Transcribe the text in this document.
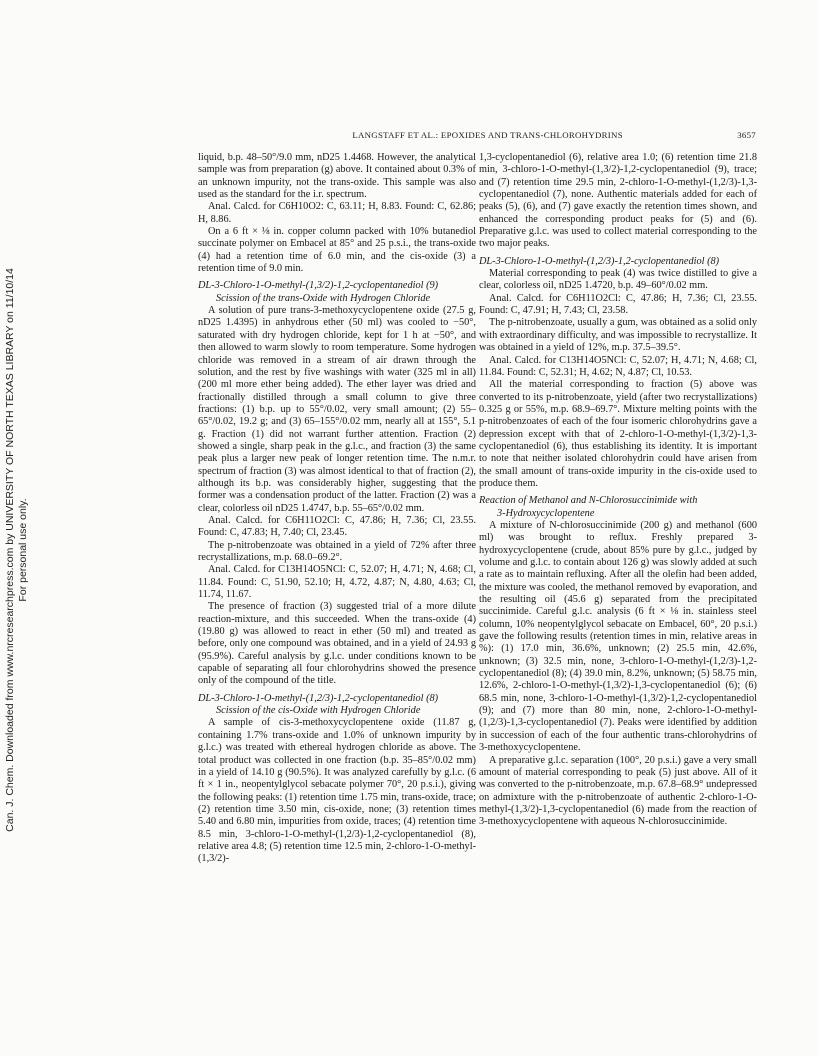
Can. J. Chem. Downloaded from www.nrcresearchpress.com by UNIVERSITY OF NORTH TEXAS LIBRARY on 11/10/14 For personal use only.
LANGSTAFF ET AL.: EPOXIDES AND TRANS-CHLOROHYDRINS	3657

liquid, b.p. 48–50°/9.0 mm, nD25 1.4468. However, the analytical sample was from preparation (g) above. It contained about 0.3% of an unknown impurity, not the trans-oxide. This sample was also used as the standard for the i.r. spectrum.

Anal. Calcd. for C6H10O2: C, 63.11; H, 8.83. Found: C, 62.86; H, 8.86.

On a 6 ft × ⅛ in. copper column packed with 10% butanediol succinate polymer on Embacel at 85° and 25 p.s.i., the trans-oxide (4) had a retention time of 6.0 min, and the cis-oxide (3) a retention time of 9.0 min.

DL-3-Chloro-1-O-methyl-(1,3/2)-1,2-cyclopentanediol (9)

Scission of the trans-Oxide with Hydrogen Chloride

A solution of pure trans-3-methoxycyclopentene oxide (27.5 g, nD25 1.4395) in anhydrous ether (50 ml) was cooled to −50°, saturated with dry hydrogen chloride, kept for 1 h at −50°, and then allowed to warm slowly to room temperature. Some hydrogen chloride was removed in a stream of air drawn through the solution, and the rest by five washings with water (325 ml in all) (200 ml more ether being added). The ether layer was dried and fractionally distilled through a small column to give three fractions: (1) b.p. up to 55°/0.02, very small amount; (2) 55–65°/0.02, 19.2 g; and (3) 65–155°/0.02 mm, nearly all at 155°, 5.1 g. Fraction (1) did not warrant further attention. Fraction (2) showed a single, sharp peak in the g.l.c., and fraction (3) the same peak plus a larger new peak of longer retention time. The n.m.r. spectrum of fraction (3) was almost identical to that of fraction (2), although its b.p. was considerably higher, suggesting that the former was a condensation product of the latter. Fraction (2) was a clear, colorless oil nD25 1.4747, b.p. 55–65°/0.02 mm.

Anal. Calcd. for C6H11O2Cl: C, 47.86; H, 7.36; Cl, 23.55. Found: C, 47.83; H, 7.40; Cl, 23.45.

The p-nitrobenzoate was obtained in a yield of 72% after three recrystallizations, m.p. 68.0–69.2°.

Anal. Calcd. for C13H14O5NCl: C, 52.07; H, 4.71; N, 4.68; Cl, 11.84. Found: C, 51.90, 52.10; H, 4.72, 4.87; N, 4.80, 4.63; Cl, 11.74, 11.67.

The presence of fraction (3) suggested trial of a more dilute reaction-mixture, and this succeeded. When the trans-oxide (4) (19.80 g) was allowed to react in ether (50 ml) and treated as before, only one compound was obtained, and in a yield of 24.93 g (95.9%). Careful analysis by g.l.c. under conditions known to be capable of separating all four chlorohydrins showed the presence only of the compound of the title.

DL-3-Chloro-1-O-methyl-(1,2/3)-1,2-cyclopentanediol (8)

Scission of the cis-Oxide with Hydrogen Chloride

A sample of cis-3-methoxycyclopentene oxide (11.87 g, containing 1.7% trans-oxide and 1.0% of unknown impurity by g.l.c.) was treated with ethereal hydrogen chloride as above. The total product was collected in one fraction (b.p. 35–85°/0.02 mm) in a yield of 14.10 g (90.5%). It was analyzed carefully by g.l.c. (6 ft × 1 in., neopentylglycol sebacate polymer 70°, 20 p.s.i.), giving the following peaks: (1) retention time 1.75 min, trans-oxide, trace; (2) retention time 3.50 min, cis-oxide, none; (3) retention times 5.40 and 6.80 min, impurities from oxide, traces; (4) retention time 8.5 min, 3-chloro-1-O-methyl-(1,2/3)-1,2-cyclopentanediol (8), relative area 4.8; (5) retention time 12.5 min, 2-chloro-1-O-methyl-(1,3/2)-

1,3-cyclopentanediol (6), relative area 1.0; (6) retention time 21.8 min, 3-chloro-1-O-methyl-(1,3/2)-1,2-cyclopentanediol (9), trace; and (7) retention time 29.5 min, 2-chloro-1-O-methyl-(1,2/3)-1,3-cyclopentanediol (7), none. Authentic materials added for each of peaks (5), (6), and (7) gave exactly the retention times shown, and enhanced the corresponding product peaks for (5) and (6). Preparative g.l.c. was used to collect material corresponding to the two major peaks.

DL-3-Chloro-1-O-methyl-(1,2/3)-1,2-cyclopentanediol (8)

Material corresponding to peak (4) was twice distilled to give a clear, colorless oil, nD25 1.4720, b.p. 49–60°/0.02 mm.

Anal. Calcd. for C6H11O2Cl: C, 47.86; H, 7.36; Cl, 23.55. Found: C, 47.91; H, 7.43; Cl, 23.58.

The p-nitrobenzoate, usually a gum, was obtained as a solid only with extraordinary difficulty, and was impossible to recrystallize. It was obtained in a yield of 12%, m.p. 37.5–39.5°.

Anal. Calcd. for C13H14O5NCl: C, 52.07; H, 4.71; N, 4.68; Cl, 11.84. Found: C, 52.31; H, 4.62; N, 4.87; Cl, 10.53.

All the material corresponding to fraction (5) above was converted to its p-nitrobenzoate, yield (after two recrystallizations) 0.325 g or 55%, m.p. 68.9–69.7°. Mixture melting points with the p-nitrobenzoates of each of the four isomeric chlorohydrins gave a depression except with that of 2-chloro-1-O-methyl-(1,3/2)-1,3-cyclopentanediol (6), thus establishing its identity. It is important to note that neither isolated chlorohydrin could have arisen from the small amount of trans-oxide impurity in the cis-oxide used to produce them.

Reaction of Methanol and N-Chlorosuccinimide with

3-Hydroxycyclopentene

A mixture of N-chlorosuccinimide (200 g) and methanol (600 ml) was brought to reflux. Freshly prepared 3-hydroxycyclopentene (crude, about 85% pure by g.l.c., judged by volume and g.l.c. to contain about 126 g) was slowly added at such a rate as to maintain refluxing. After all the olefin had been added, the mixture was cooled, the methanol removed by evaporation, and the resulting oil (45.6 g) separated from the precipitated succinimide. Careful g.l.c. analysis (6 ft × ⅛ in. stainless steel column, 10% neopentylglycol sebacate on Embacel, 60°, 20 p.s.i.) gave the following results (retention times in min, relative areas in %): (1) 17.0 min, 36.6%, unknown; (2) 25.5 min, 42.6%, unknown; (3) 32.5 min, none, 3-chloro-1-O-methyl-(1,2/3)-1,2-cyclopentanediol (8); (4) 39.0 min, 8.2%, unknown; (5) 58.75 min, 12.6%, 2-chloro-1-O-methyl-(1,3/2)-1,3-cyclopentanediol (6); (6) 68.5 min, none, 3-chloro-1-O-methyl-(1,3/2)-1,2-cyclopentanediol (9); and (7) more than 80 min, none, 2-chloro-1-O-methyl-(1,2/3)-1,3-cyclopentanediol (7). Peaks were identified by addition in succession of each of the four authentic trans-chlorohydrins of 3-methoxycyclopentene.

A preparative g.l.c. separation (100°, 20 p.s.i.) gave a very small amount of material corresponding to peak (5) just above. All of it was converted to the p-nitrobenzoate, m.p. 67.8–68.9° undepressed on admixture with the p-nitrobenzoate of authentic 2-chloro-1-O-methyl-(1,3/2)-1,3-cyclopentanediol (6) made from the reaction of 3-methoxycyclopentene with aqueous N-chlorosuccinimide.
